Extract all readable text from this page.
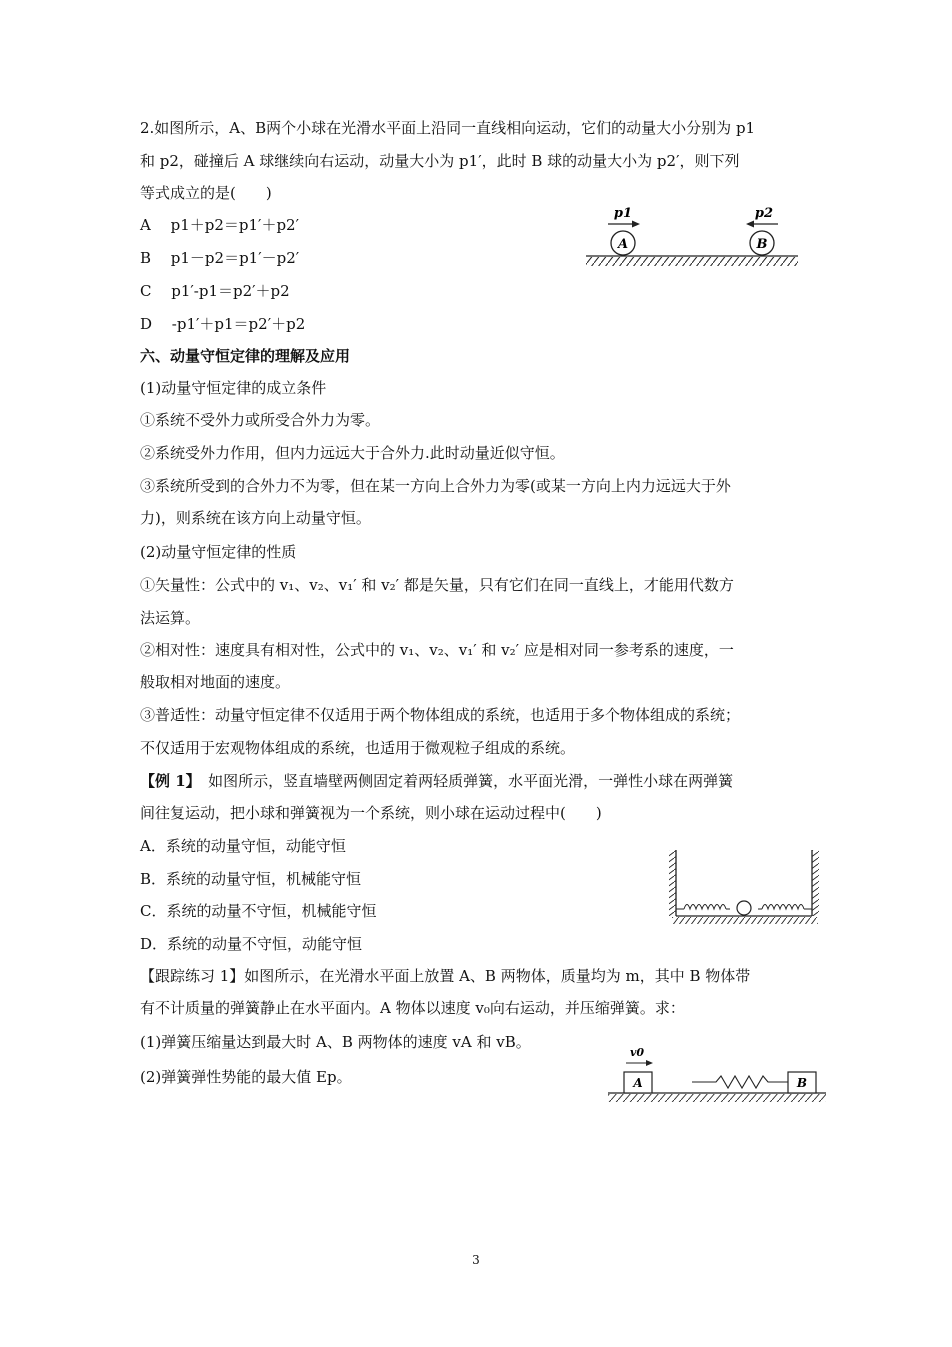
2.如图所示，A、B两个小球在光滑水平面上沿同一直线相向运动，它们的动量大小分别为 p1
和 p2，碰撞后 A 球继续向右运动，动量大小为 p1′，此时 B 球的动量大小为 p2′，则下列
等式成立的是(　　)
A　 p1＋p2＝p1′＋p2′
B　 p1－p2＝p1′－p2′
C　 p1′-p1＝p2′＋p2
D　 -p1′＋p1＝p2′＋p2
A	B
p1	p2
六、动量守恒定律的理解及应用
(1)动量守恒定律的成立条件
①系统不受外力或所受合外力为零。
②系统受外力作用，但内力远远大于合外力.此时动量近似守恒。
③系统所受到的合外力不为零，但在某一方向上合外力为零(或某一方向上内力远远大于外
力)，则系统在该方向上动量守恒。
(2)动量守恒定律的性质
①矢量性：公式中的 v₁、v₂、v₁′ 和 v₂′ 都是矢量，只有它们在同一直线上，才能用代数方
法运算。
②相对性：速度具有相对性，公式中的 v₁、v₂、v₁′ 和 v₂′ 应是相对同一参考系的速度，一
般取相对地面的速度。
③普适性：动量守恒定律不仅适用于两个物体组成的系统，也适用于多个物体组成的系统；
不仅适用于宏观物体组成的系统，也适用于微观粒子组成的系统。
【例 1】　如图所示，竖直墙壁两侧固定着两轻质弹簧，水平面光滑，一弹性小球在两弹簧
间往复运动，把小球和弹簧视为一个系统，则小球在运动过程中(　　)
A．系统的动量守恒，动能守恒
B．系统的动量守恒，机械能守恒
C．系统的动量不守恒，机械能守恒
D．系统的动量不守恒，动能守恒
【跟踪练习 1】如图所示，在光滑水平面上放置 A、B 两物体，质量均为 m，其中 B 物体带
有不计质量的弹簧静止在水平面内。A 物体以速度 v₀向右运动，并压缩弹簧。求：
(1)弹簧压缩量达到最大时 A、B 两物体的速度 vA 和 vB。
(2)弹簧弹性势能的最大值 Ep。
v0
A	B
3
